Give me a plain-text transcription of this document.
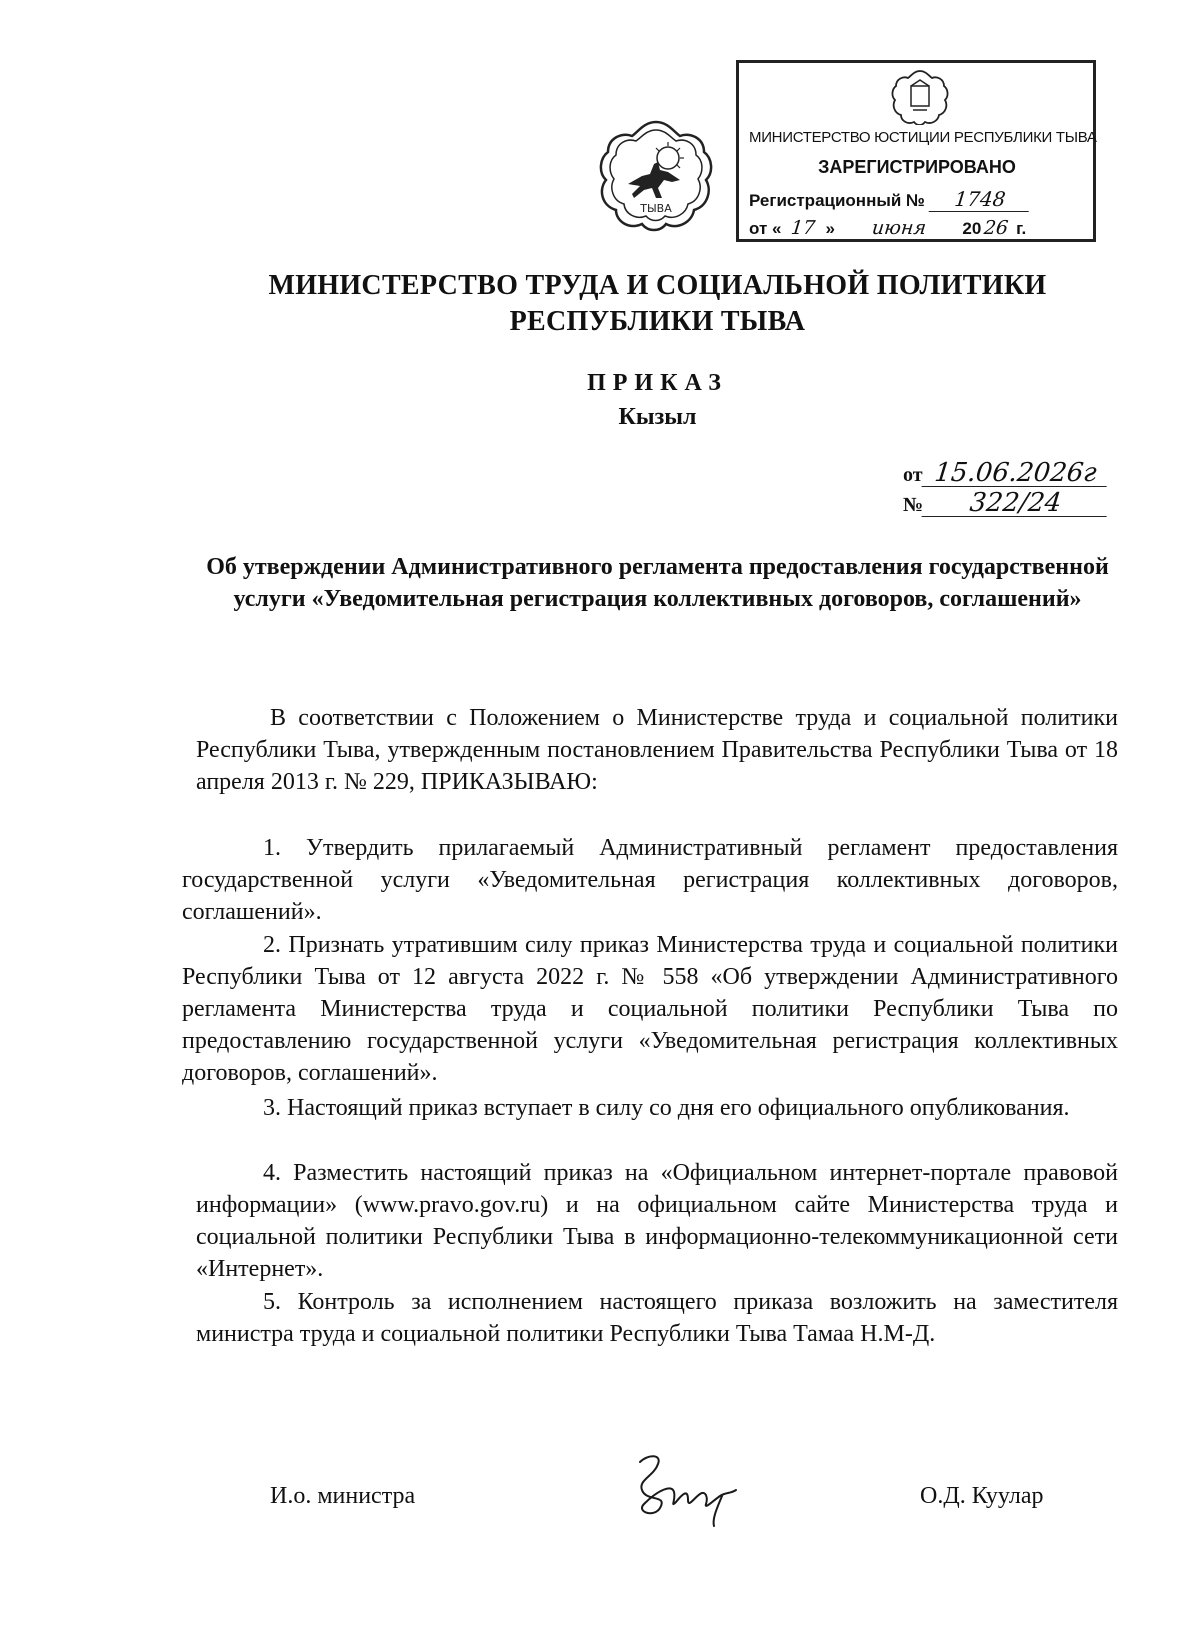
ТЫВА
МИНИСТЕРСТВО ЮСТИЦИИ РЕСПУБЛИКИ ТЫВА
ЗАРЕГИСТРИРОВАНО
Регистрационный № 1748
от « 17 » июня 2026 г.
МИНИСТЕРСТВО ТРУДА И СОЦИАЛЬНОЙ ПОЛИТИКИ
РЕСПУБЛИКИ ТЫВА
ПРИКАЗ
Кызыл
от 15.06.2026г
№ 322/24
Об утверждении Административного регламента предоставления государственной услуги «Уведомительная регистрация коллективных договоров, соглашений»
В соответствии с Положением о Министерстве труда и социальной политики Республики Тыва, утвержденным постановлением Правительства Республики Тыва от 18 апреля 2013 г. № 229, ПРИКАЗЫВАЮ:
1. Утвердить прилагаемый Административный регламент предоставления государственной услуги «Уведомительная регистрация коллективных договоров, соглашений».
2. Признать утратившим силу приказ Министерства труда и социальной политики Республики Тыва от 12 августа 2022 г. № 558 «Об утверждении Административного регламента Министерства труда и социальной политики Республики Тыва по предоставлению государственной услуги «Уведомительная регистрация коллективных договоров, соглашений».
3. Настоящий приказ вступает в силу со дня его официального опубликования.
4. Разместить настоящий приказ на «Официальном интернет-портале правовой информации» (www.pravo.gov.ru) и на официальном сайте Министерства труда и социальной политики Республики Тыва в информационно-телекоммуникационной сети «Интернет».
5. Контроль за исполнением настоящего приказа возложить на заместителя министра труда и социальной политики Республики Тыва Тамаа Н.М-Д.
И.о. министра	О.Д. Куулар
